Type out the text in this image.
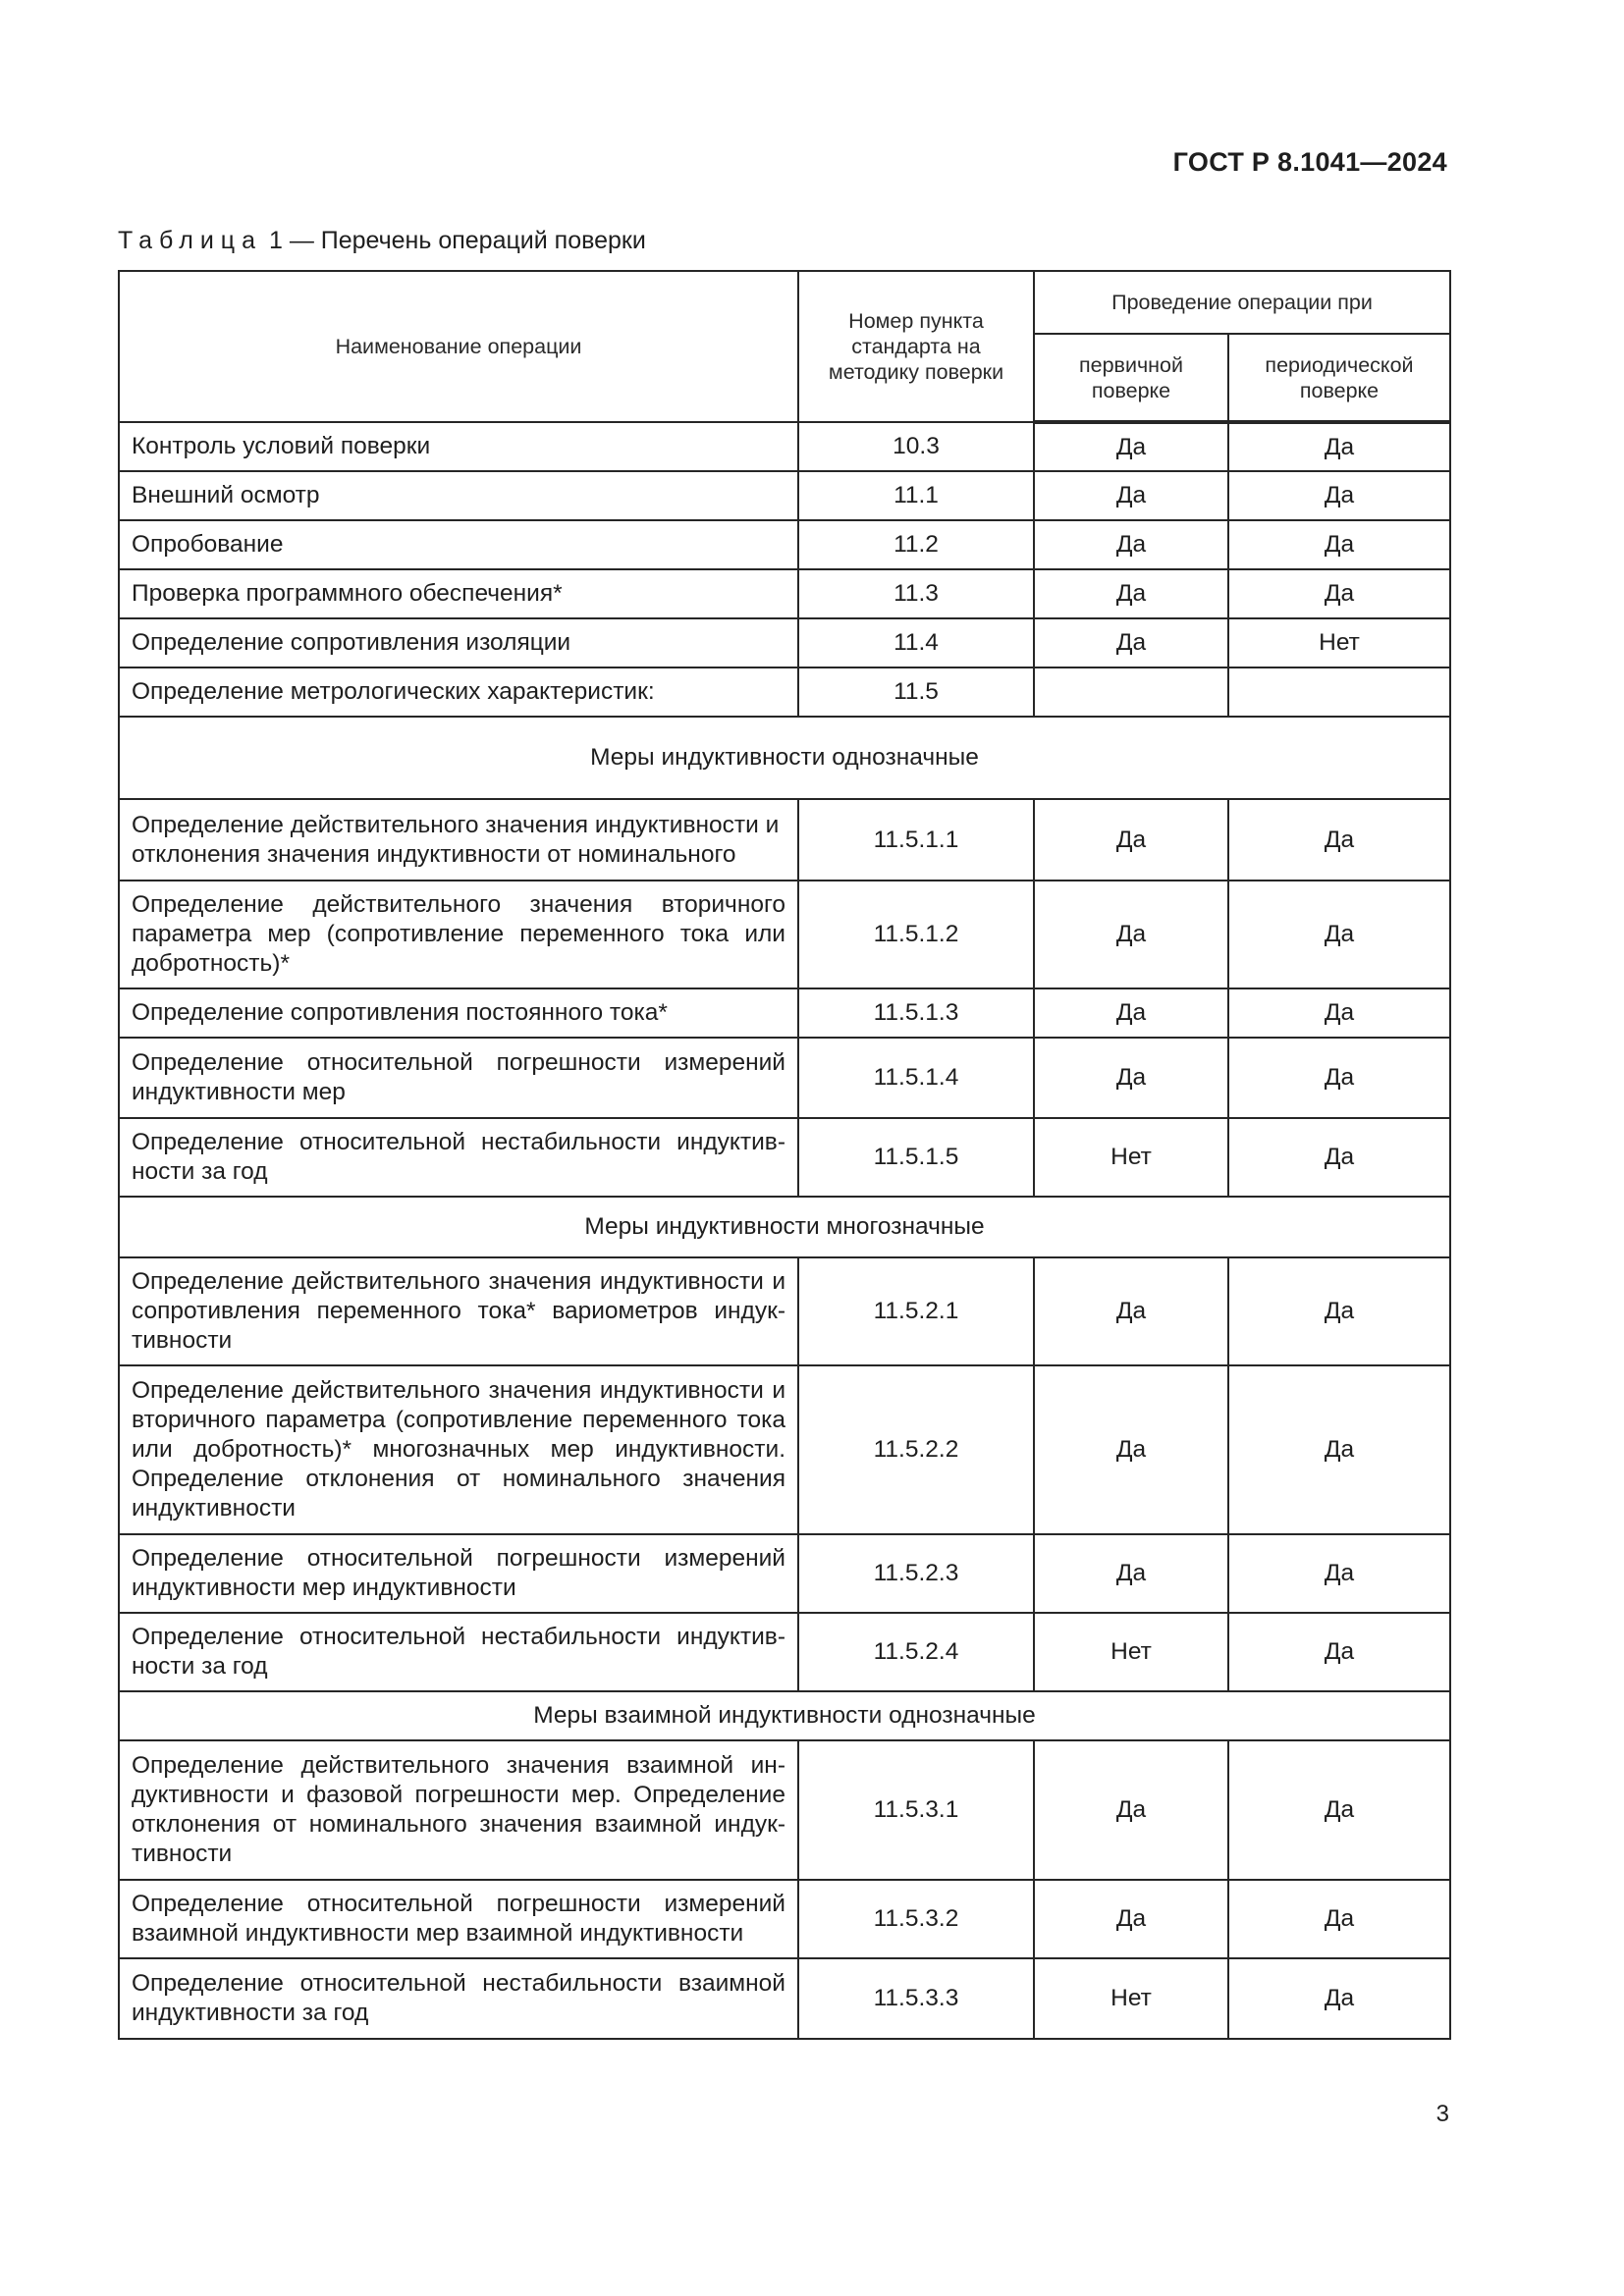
ГОСТ Р 8.1041—2024
Таблица 1 — Перечень операций поверки
Наименование операции	Номер пункта стандарта на методику поверки	Проведение операции при	
		первичной поверке	периодической поверке
Контроль условий поверки	10.3	Да	Да
Внешний осмотр	11.1	Да	Да
Опробование	11.2	Да	Да
Проверка программного обеспечения*	11.3	Да	Да
Определение сопротивления изоляции	11.4	Да	Нет
Определение метрологических характеристик:	11.5		
Меры индуктивности однозначные			
Определение действительного значения индуктивности и отклонения значения индуктивности от номинального	11.5.1.1	Да	Да
Определение действительного значения вторичного параметра мер (сопротивление переменного тока или добротность)*	11.5.1.2	Да	Да
Определение сопротивления постоянного тока*	11.5.1.3	Да	Да
Определение относительной погрешности измерений индуктивности мер	11.5.1.4	Да	Да
Определение относительной нестабильности индуктивности за год	11.5.1.5	Нет	Да
Меры индуктивности многозначные			
Определение действительного значения индуктивности и сопротивления переменного тока* вариометров индуктивности	11.5.2.1	Да	Да
Определение действительного значения индуктивности и вторичного параметра (сопротивление переменного тока или добротность)* многозначных мер индуктивности. Определение отклонения от номинального значения индуктивности	11.5.2.2	Да	Да
Определение относительной погрешности измерений индуктивности мер индуктивности	11.5.2.3	Да	Да
Определение относительной нестабильности индуктивности за год	11.5.2.4	Нет	Да
Меры взаимной индуктивности однозначные			
Определение действительного значения взаимной индуктивности и фазовой погрешности мер. Определение отклонения от номинального значения взаимной индуктивности	11.5.3.1	Да	Да
Определение относительной погрешности измерений взаимной индуктивности мер взаимной индуктивности	11.5.3.2	Да	Да
Определение относительной нестабильности взаимной индуктивности за год	11.5.3.3	Нет	Да
3
